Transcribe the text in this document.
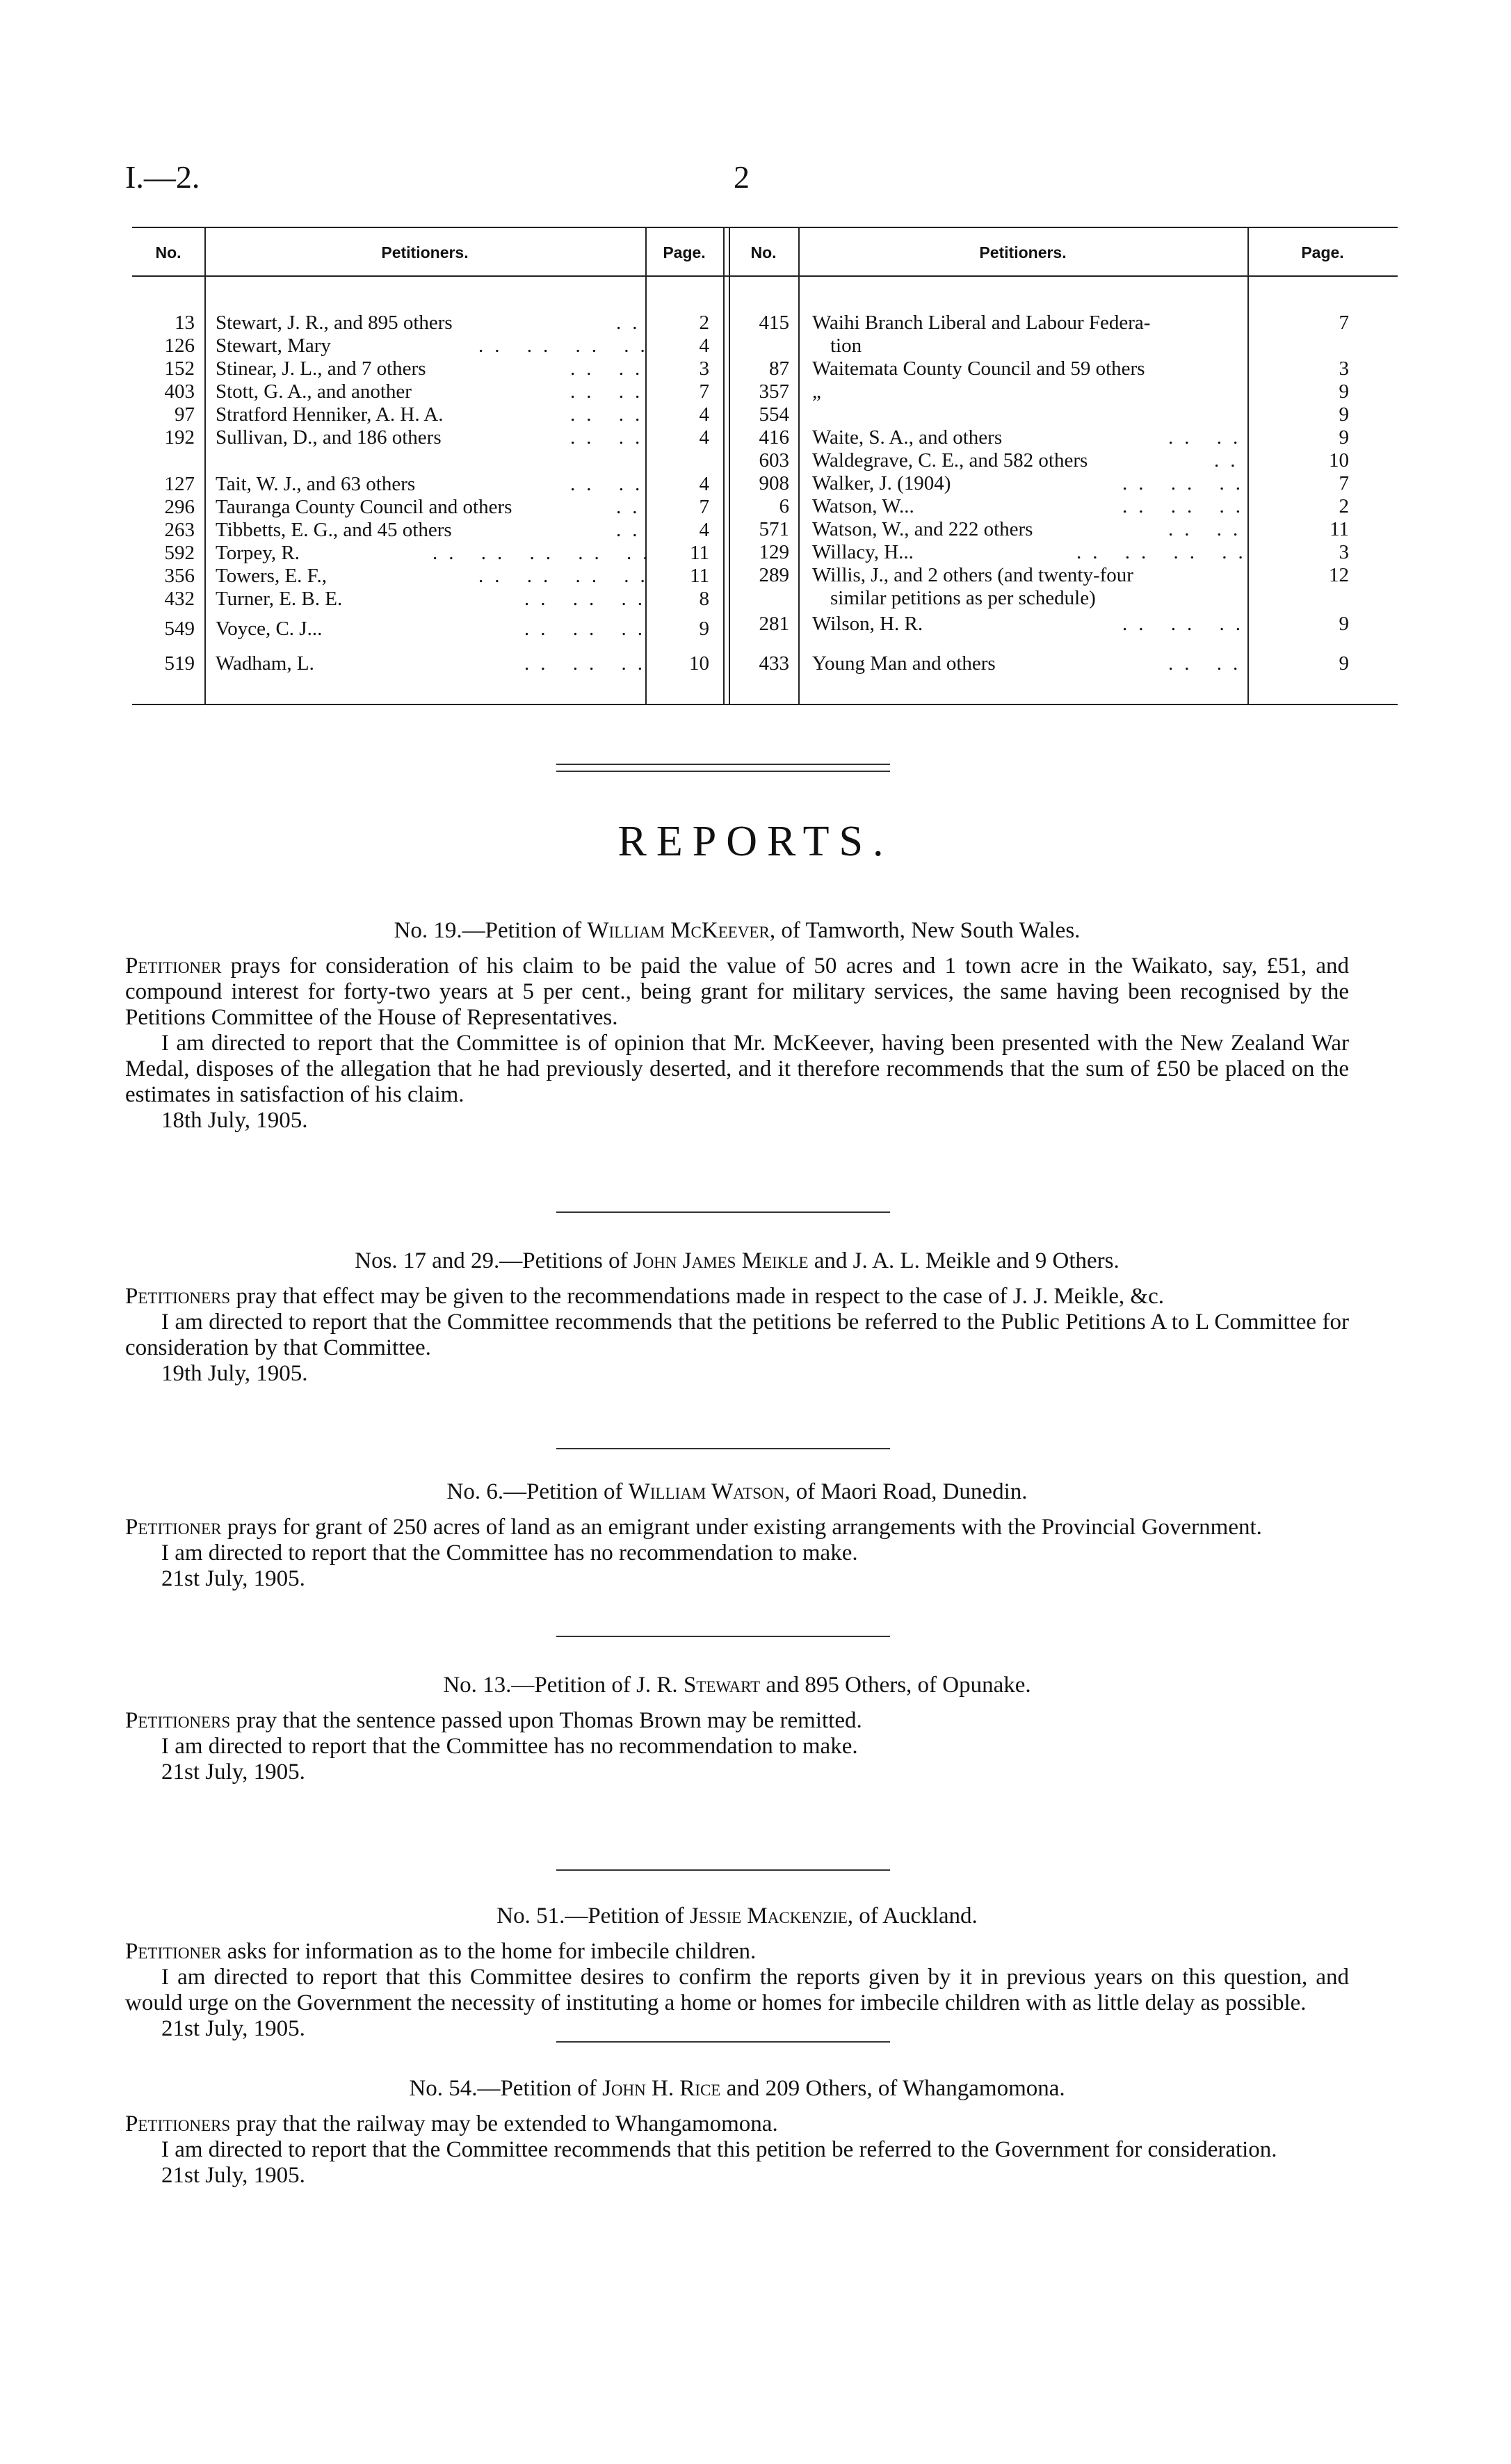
I.—2.	2
No.	Petitioners.	Page.	No.	Petitioners.	Page.
13 Stewart, J. R., and 895 others	..	2
126 Stewart, Mary	.. .. .. ..	4
152 Stinear, J. L., and 7 others	.. ..	3
403 Stott, G. A., and another	.. ..	7
97 Stratford Henniker, A. H. A.	.. ..	4
192 Sullivan, D., and 186 others	.. ..	4
127 Tait, W. J., and 63 others	.. ..	4
296 Tauranga County Council and others	..	7
263 Tibbetts, E. G., and 45 others	..	4
592 Torpey, R.	.. .. .. .. ..	11
356 Towers, E. F.,	.. .. .. ..	11
432 Turner, E. B. E.	.. .. ..	8
549 Voyce, C. J...	.. .. ..	9
519 Wadham, L.	.. .. ..	10
415 Waihi Branch Liberal and Labour Federa-	7
tion
87 Waitemata County Council and 59 others	3
357 „	9
554	9
416 Waite, S. A., and others	.. ..	9
603 Waldegrave, C. E., and 582 others	..	10
908 Walker, J. (1904)	.. .. ..	7
6 Watson, W...	.. .. ..	2
571 Watson, W., and 222 others	.. ..	11
129 Willacy, H...	.. .. .. ..	3
289 Willis, J., and 2 others (and twenty-four	12
similar petitions as per schedule)
281 Wilson, H. R.	.. .. ..	9
433 Young Man and others	.. ..	9
REPORTS.
No. 19.—Petition of William McKeever, of Tamworth, New South Wales.

Petitioner prays for consideration of his claim to be paid the value of 50 acres and 1 town acre in the Waikato, say, £51, and compound interest for forty-two years at 5 per cent., being grant for military services, the same having been recognised by the Petitions Committee of the House of Representatives.

I am directed to report that the Committee is of opinion that Mr. McKeever, having been presented with the New Zealand War Medal, disposes of the allegation that he had previously deserted, and it therefore recommends that the sum of £50 be placed on the estimates in satisfaction of his claim.

18th July, 1905.
Nos. 17 and 29.—Petitions of John James Meikle and J. A. L. Meikle and 9 Others.

Petitioners pray that effect may be given to the recommendations made in respect to the case of J. J. Meikle, &c.

I am directed to report that the Committee recommends that the petitions be referred to the Public Petitions A to L Committee for consideration by that Committee.

19th July, 1905.
No. 6.—Petition of William Watson, of Maori Road, Dunedin.

Petitioner prays for grant of 250 acres of land as an emigrant under existing arrangements with the Provincial Government.

I am directed to report that the Committee has no recommendation to make.

21st July, 1905.
No. 13.—Petition of J. R. Stewart and 895 Others, of Opunake.

Petitioners pray that the sentence passed upon Thomas Brown may be remitted.

I am directed to report that the Committee has no recommendation to make.

21st July, 1905.
No. 51.—Petition of Jessie Mackenzie, of Auckland.

Petitioner asks for information as to the home for imbecile children.

I am directed to report that this Committee desires to confirm the reports given by it in previous years on this question, and would urge on the Government the necessity of instituting a home or homes for imbecile children with as little delay as possible.

21st July, 1905.
No. 54.—Petition of John H. Rice and 209 Others, of Whangamomona.

Petitioners pray that the railway may be extended to Whangamomona.

I am directed to report that the Committee recommends that this petition be referred to the Government for consideration.

21st July, 1905.
